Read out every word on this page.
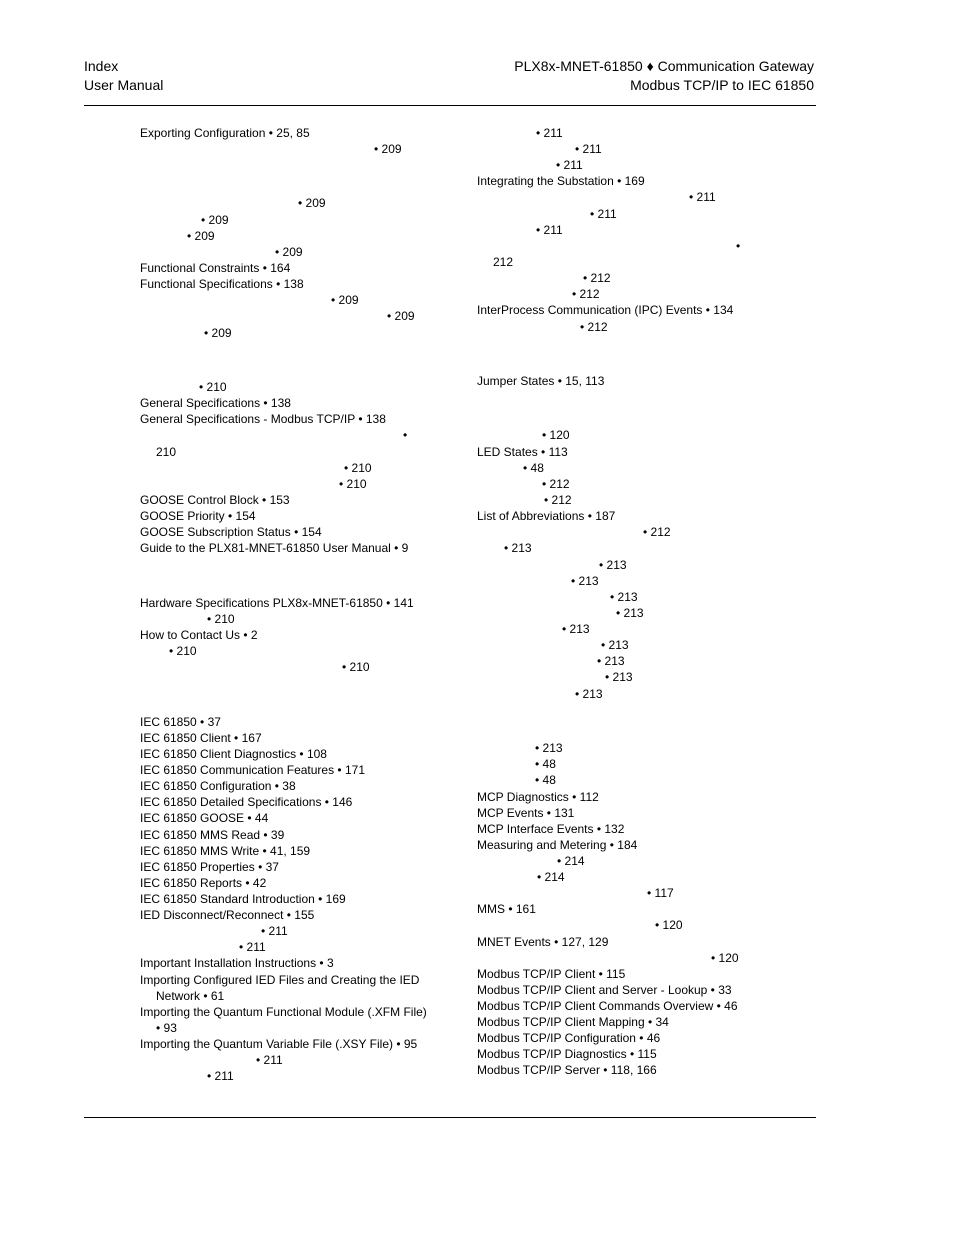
Index
User Manual
PLX8x-MNET-61850 ♦ Communication Gateway
Modbus TCP/IP to IEC 61850
Exporting Configuration • 25, 85
• 209
• 209
• 209
• 209
• 209
Functional Constraints • 164
Functional Specifications • 138
• 209
• 209
• 209
• 210
General Specifications • 138
General Specifications - Modbus TCP/IP • 138
•
210
• 210
• 210
GOOSE Control Block • 153
GOOSE Priority • 154
GOOSE Subscription Status • 154
Guide to the PLX81-MNET-61850 User Manual • 9
Hardware Specifications PLX8x-MNET-61850 • 141
• 210
How to Contact Us • 2
• 210
• 210
IEC 61850 • 37
IEC 61850 Client • 167
IEC 61850 Client Diagnostics • 108
IEC 61850 Communication Features • 171
IEC 61850 Configuration • 38
IEC 61850 Detailed Specifications • 146
IEC 61850 GOOSE • 44
IEC 61850 MMS Read • 39
IEC 61850 MMS Write • 41, 159
IEC 61850 Properties • 37
IEC 61850 Reports • 42
IEC 61850 Standard Introduction • 169
IED Disconnect/Reconnect • 155
• 211
• 211
Important Installation Instructions • 3
Importing Configured IED Files and Creating the IED
Network • 61
Importing the Quantum Functional Module (.XFM File)
• 93
Importing the Quantum Variable File (.XSY File) • 95
• 211
• 211
• 211
• 211
• 211
Integrating the Substation • 169
• 211
• 211
• 211
•
212
• 212
• 212
InterProcess Communication (IPC) Events • 134
• 212
Jumper States • 15, 113
• 120
LED States • 113
• 48
• 212
• 212
List of Abbreviations • 187
• 212
• 213
• 213
• 213
• 213
• 213
• 213
• 213
• 213
• 213
• 213
• 213
• 48
• 48
MCP Diagnostics • 112
MCP Events • 131
MCP Interface Events • 132
Measuring and Metering • 184
• 214
• 214
• 117
MMS • 161
• 120
MNET Events • 127, 129
• 120
Modbus TCP/IP Client • 115
Modbus TCP/IP Client and Server - Lookup • 33
Modbus TCP/IP Client Commands Overview • 46
Modbus TCP/IP Client Mapping • 34
Modbus TCP/IP Configuration • 46
Modbus TCP/IP Diagnostics • 115
Modbus TCP/IP Server • 118, 166
